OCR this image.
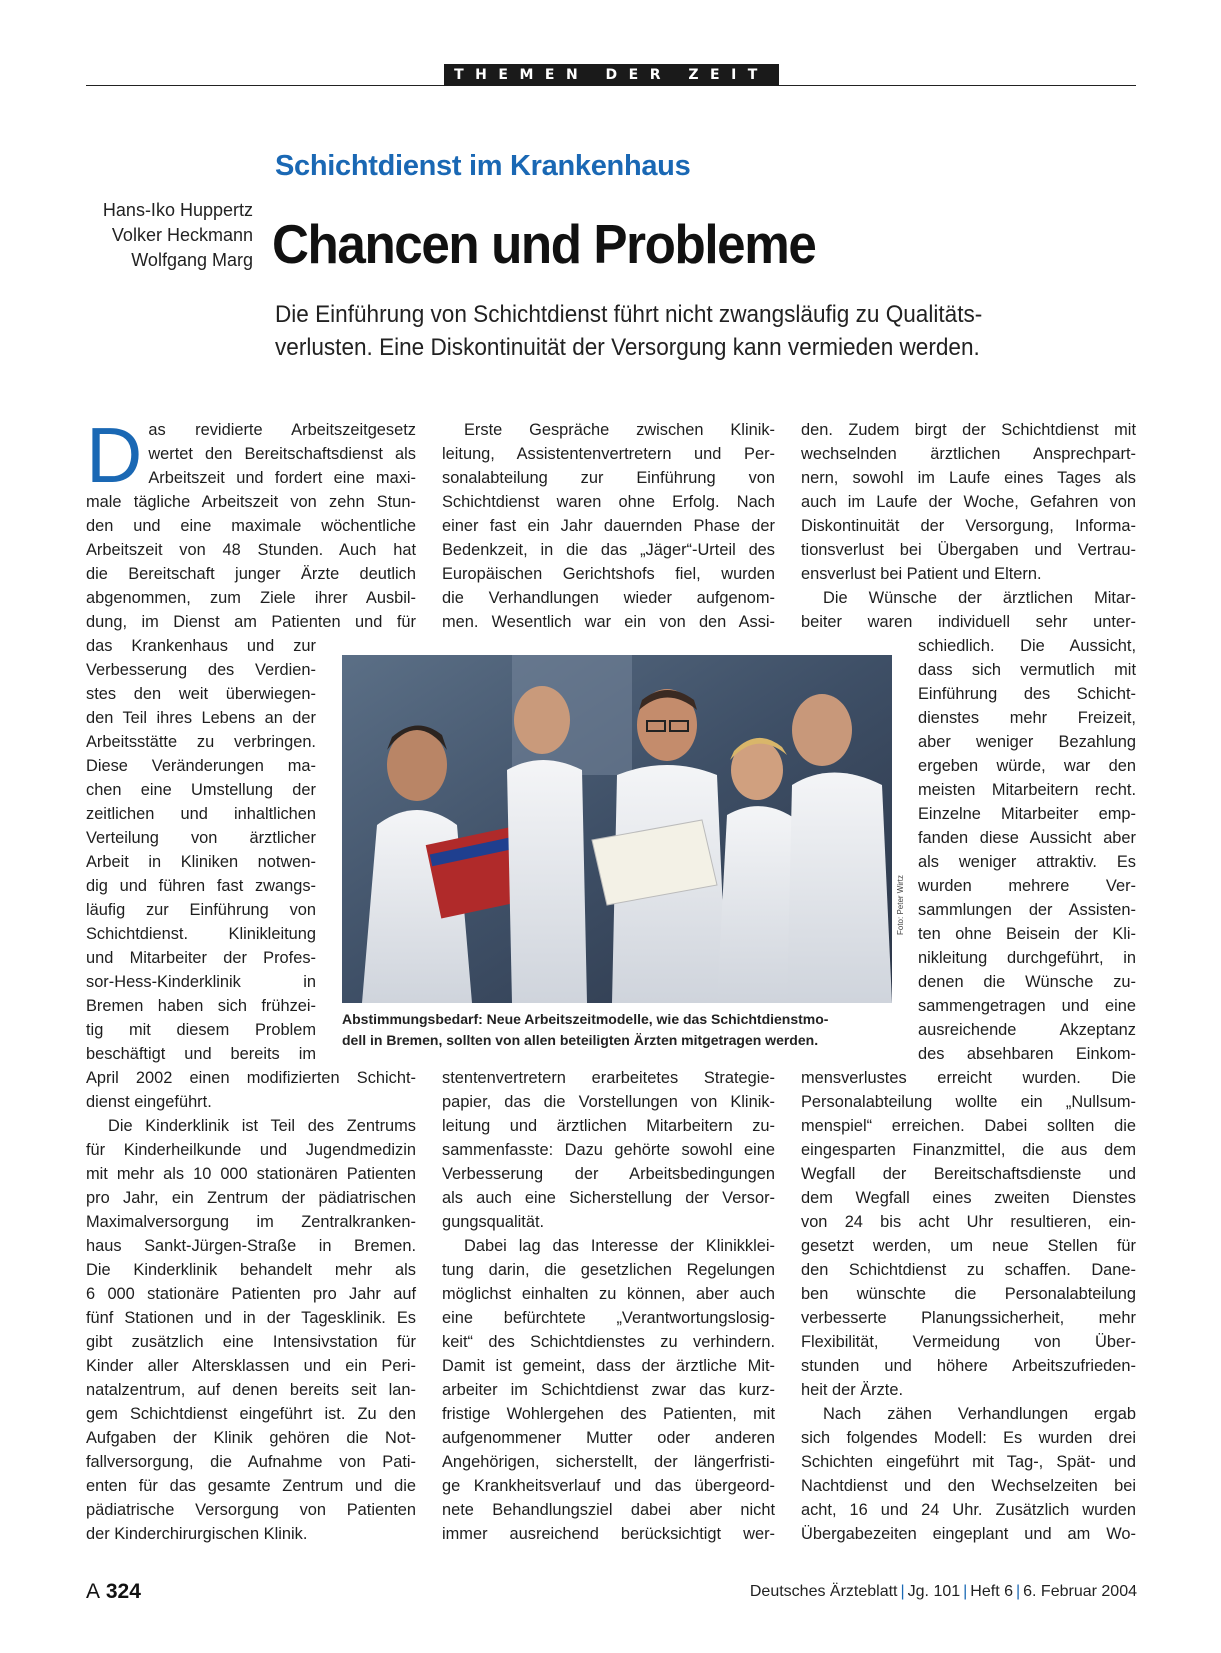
THEMEN DER ZEIT
Hans-Iko Huppertz
Volker Heckmann
Wolfgang Marg
Schichtdienst im Krankenhaus
Chancen und Probleme
Die Einführung von Schichtdienst führt nicht zwangsläufig zu Qualitäts-
verlusten. Eine Diskontinuität der Versorgung kann vermieden werden.
D as revidierte Arbeitszeitgesetz
wertet den Bereitschaftsdienst als
Arbeitszeit und fordert eine maxi-
male tägliche Arbeitszeit von zehn Stun-
den und eine maximale wöchentliche
Arbeitszeit von 48 Stunden. Auch hat
die Bereitschaft junger Ärzte deutlich
abgenommen, zum Ziele ihrer Ausbil-
dung, im Dienst am Patienten und für
das Krankenhaus und zur
Verbesserung des Verdien-
stes den weit überwiegen-
den Teil ihres Lebens an der
Arbeitsstätte zu verbringen.
Diese Veränderungen ma-
chen eine Umstellung der
zeitlichen und inhaltlichen
Verteilung von ärztlicher
Arbeit in Kliniken notwen-
dig und führen fast zwangs-
läufig zur Einführung von
Schichtdienst. Klinikleitung
und Mitarbeiter der Profes-
sor-Hess-Kinderklinik in
Bremen haben sich frühzei-
tig mit diesem Problem
beschäftigt und bereits im
April 2002 einen modifizierten Schicht-
dienst eingeführt.
Die Kinderklinik ist Teil des Zentrums
für Kinderheilkunde und Jugendmedizin
mit mehr als 10 000 stationären Patienten
pro Jahr, ein Zentrum der pädiatrischen
Maximalversorgung im Zentralkranken-
haus Sankt-Jürgen-Straße in Bremen.
Die Kinderklinik behandelt mehr als
6 000 stationäre Patienten pro Jahr auf
fünf Stationen und in der Tagesklinik. Es
gibt zusätzlich eine Intensivstation für
Kinder aller Altersklassen und ein Peri-
natalzentrum, auf denen bereits seit lan-
gem Schichtdienst eingeführt ist. Zu den
Aufgaben der Klinik gehören die Not-
fallversorgung, die Aufnahme von Pati-
enten für das gesamte Zentrum und die
pädiatrische Versorgung von Patienten
der Kinderchirurgischen Klinik.
Erste Gespräche zwischen Klinik-
leitung, Assistentenvertretern und Per-
sonalabteilung zur Einführung von
Schichtdienst waren ohne Erfolg. Nach
einer fast ein Jahr dauernden Phase der
Bedenkzeit, in die das „Jäger“-Urteil des
Europäischen Gerichtshofs fiel, wurden
die Verhandlungen wieder aufgenom-
men. Wesentlich war ein von den Assi-
stentenvertretern erarbeitetes Strategie-
papier, das die Vorstellungen von Klinik-
leitung und ärztlichen Mitarbeitern zu-
sammenfasste: Dazu gehörte sowohl eine
Verbesserung der Arbeitsbedingungen
als auch eine Sicherstellung der Versor-
gungsqualität.
Dabei lag das Interesse der Klinikklei-
tung darin, die gesetzlichen Regelungen
möglichst einhalten zu können, aber auch
eine befürchtete „Verantwortungslosig-
keit“ des Schichtdienstes zu verhindern.
Damit ist gemeint, dass der ärztliche Mit-
arbeiter im Schichtdienst zwar das kurz-
fristige Wohlergehen des Patienten, mit
aufgenommener Mutter oder anderen
Angehörigen, sicherstellt, der längerfristi-
ge Krankheitsverlauf und das übergeord-
nete Behandlungsziel dabei aber nicht
immer ausreichend berücksichtigt wer-
den. Zudem birgt der Schichtdienst mit
wechselnden ärztlichen Ansprechpart-
nern, sowohl im Laufe eines Tages als
auch im Laufe der Woche, Gefahren von
Diskontinuität der Versorgung, Informa-
tionsverlust bei Übergaben und Vertrau-
ensverlust bei Patient und Eltern.
Die Wünsche der ärztlichen Mitar-
beiter waren individuell sehr unter-
schiedlich. Die Aussicht,
dass sich vermutlich mit
Einführung des Schicht-
dienstes mehr Freizeit,
aber weniger Bezahlung
ergeben würde, war den
meisten Mitarbeitern recht.
Einzelne Mitarbeiter emp-
fanden diese Aussicht aber
als weniger attraktiv. Es
wurden mehrere Ver-
sammlungen der Assisten-
ten ohne Beisein der Kli-
nikleitung durchgeführt, in
denen die Wünsche zu-
sammengetragen und eine
ausreichende Akzeptanz
des absehbaren Einkom-
mensverlustes erreicht wurden. Die
Personalabteilung wollte ein „Nullsum-
menspiel“ erreichen. Dabei sollten die
eingesparten Finanzmittel, die aus dem
Wegfall der Bereitschaftsdienste und
dem Wegfall eines zweiten Dienstes
von 24 bis acht Uhr resultieren, ein-
gesetzt werden, um neue Stellen für
den Schichtdienst zu schaffen. Dane-
ben wünschte die Personalabteilung
verbesserte Planungssicherheit, mehr
Flexibilität, Vermeidung von Über-
stunden und höhere Arbeitszufrieden-
heit der Ärzte.
Nach zähen Verhandlungen ergab
sich folgendes Modell: Es wurden drei
Schichten eingeführt mit Tag-, Spät- und
Nachtdienst und den Wechselzeiten bei
acht, 16 und 24 Uhr. Zusätzlich wurden
Übergabezeiten eingeplant und am Wo-
Foto: Peter Wirtz
Abstimmungsbedarf: Neue Arbeitszeitmodelle, wie das Schichtdienstmo-
dell in Bremen, sollten von allen beteiligten Ärzten mitgetragen werden.
A 324	Deutsches Ärzteblatt | Jg. 101 | Heft 6 | 6. Februar 2004
